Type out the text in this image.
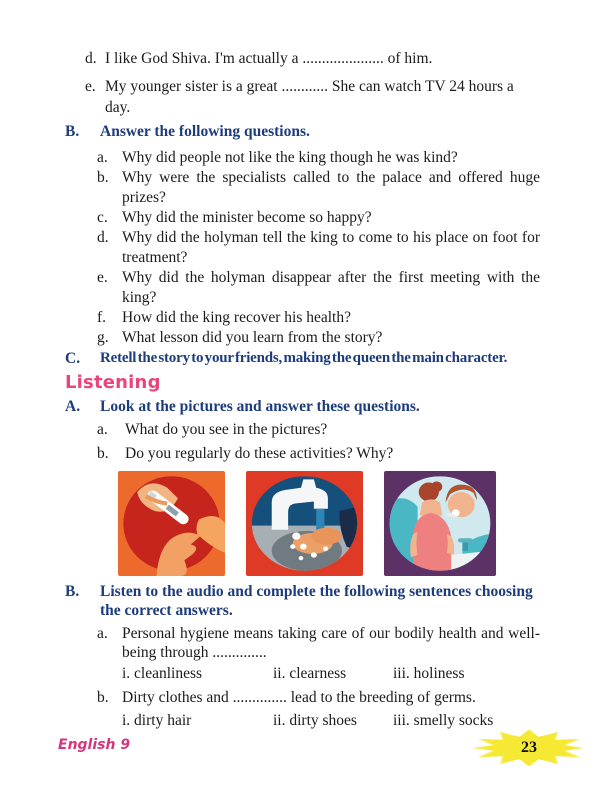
d. I like God Shiva. I'm actually a ..................... of him.
e. My younger sister is a great ............ She can watch TV 24 hours a day.
B.	Answer the following questions.
a. Why did people not like the king though he was kind?
b. Why were the specialists called to the palace and offered huge prizes?
c. Why did the minister become so happy?
d. Why did the holyman tell the king to come to his place on foot for treatment?
e. Why did the holyman disappear after the first meeting with the king?
f.	How did the king recover his health?
g. What lesson did you learn from the story?
C.	Retell the story to your friends, making the queen the main character.
Listening
A.	Look at the pictures and answer these questions.
a.	What do you see in the pictures?
b.	Do you regularly do these activities? Why?
B.	Listen to the audio and complete the following sentences choosing the correct answers.
a. Personal hygiene means taking care of our bodily health and well-being through ..............
i. cleanliness	ii. clearness	iii. holiness
b. Dirty clothes and .............. lead to the breeding of germs.
i. dirty hair	ii. dirty shoes	iii. smelly socks
English 9	23
